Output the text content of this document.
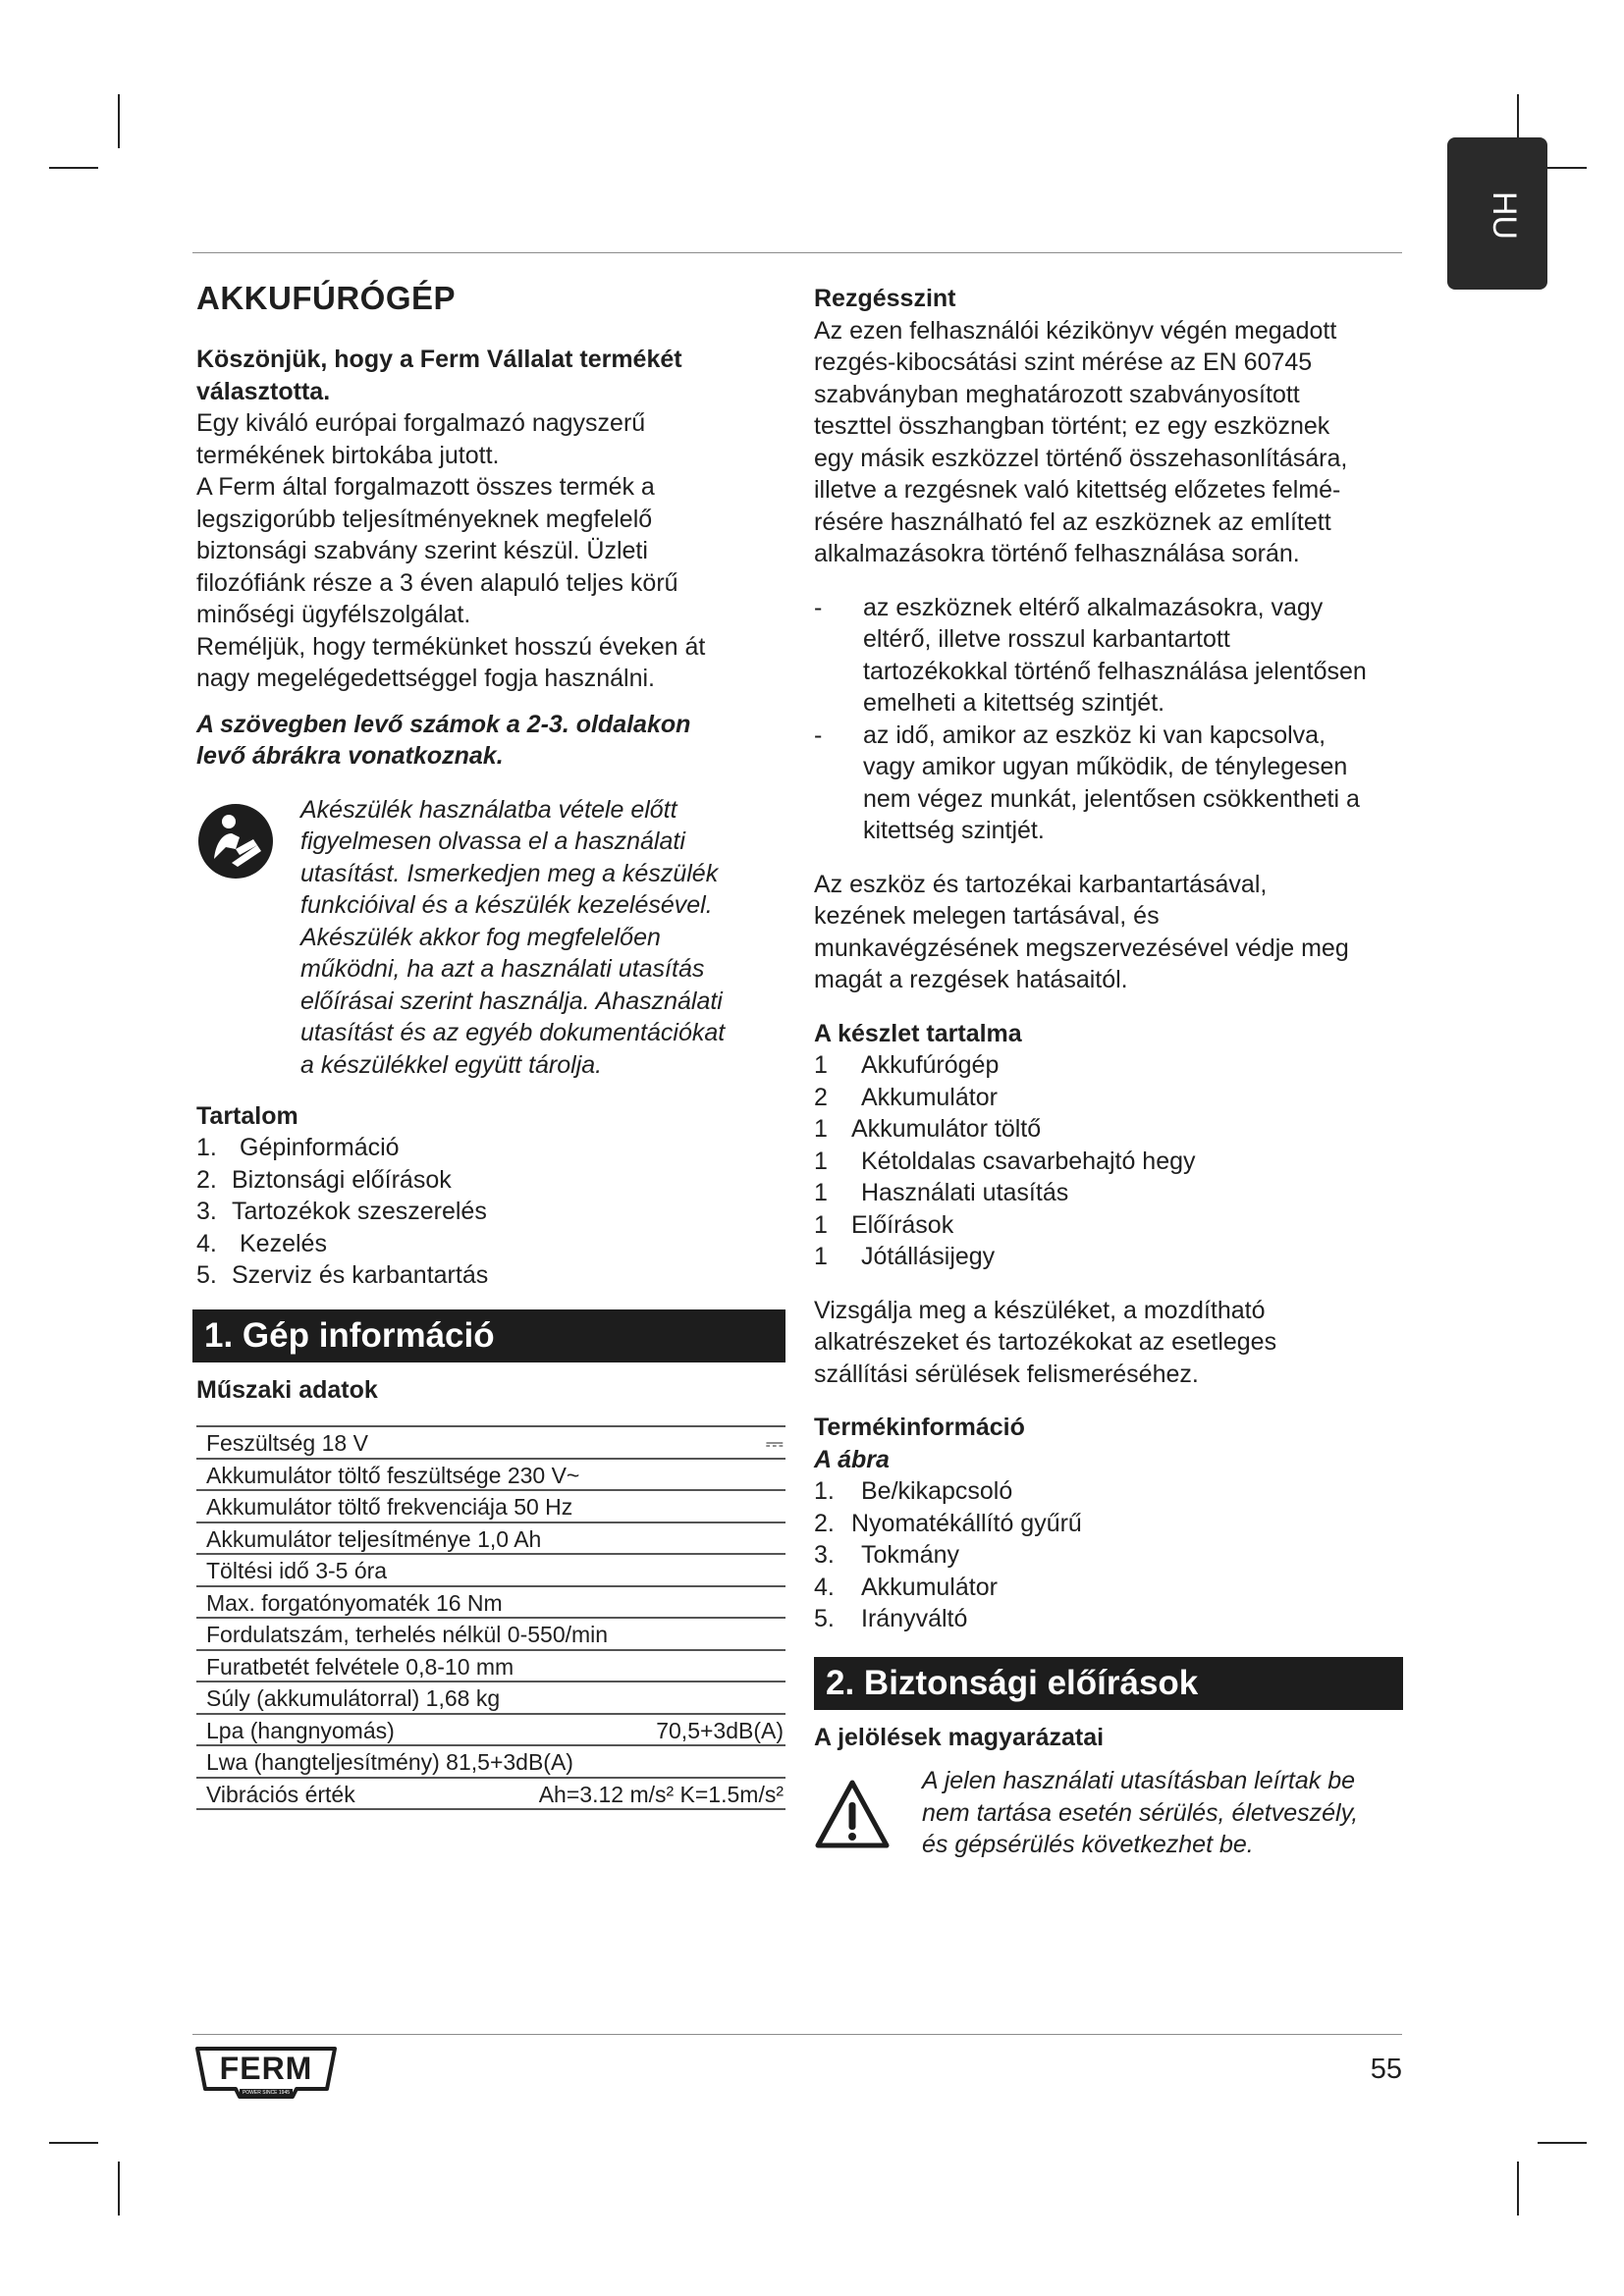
HU
AKKUFÚRÓGÉP

Köszönjük, hogy a Ferm Vállalat termékét

választotta.

Egy kiváló európai forgalmazó nagyszerű

termékének birtokába jutott.

A Ferm által forgalmazott összes termék a

legszigorúbb teljesítményeknek megfelelő

biztonsági szabvány szerint készül. Üzleti

filozófiánk része a 3 éven alapuló teljes körű

minőségi ügyfélszolgálat.

Reméljük, hogy termékünket hosszú éveken át

nagy megelégedettséggel fogja használni.

A szövegben levő számok a 2-3. oldalakon

levő ábrákra vonatkoznak.

Akészülék használatba vétele előtt

figyelmesen olvassa el a használati

utasítást. Ismerkedjen meg a készülék

funkcióival és a készülék kezelésével.

Akészülék akkor fog megfelelően

működni, ha azt a használati utasítás

előírásai szerint használja. Ahasználati

utasítást és az egyéb dokumentációkat

a készülékkel együtt tárolja.

Tartalom

1. Gépinformáció
2. Biztonsági előírások
3. Tartozékok szeszerelés
4. Kezelés
5. Szerviz és karbantartás
1. Gép információ

Műszaki adatok

Feszültség 18 V	⎓
Akkumulátor töltő feszültsége 230 V~
Akkumulátor töltő frekvenciája 50 Hz
Akkumulátor teljesítménye 1,0 Ah
Töltési idő 3-5 óra
Max. forgatónyomaték 16 Nm
Fordulatszám, terhelés nélkül 0-550/min
Furatbetét felvétele 0,8-10 mm
Súly (akkumulátorral) 1,68 kg
Lpa (hangnyomás)	70,5+3dB(A)
Lwa (hangteljesítmény) 81,5+3dB(A)
Vibrációs érték	Ah=3.12 m/s² K=1.5m/s²

Rezgésszint

Az ezen felhasználói kézikönyv végén megadott

rezgés-kibocsátási szint mérése az EN 60745

szabványban meghatározott szabványosított

teszttel összhangban történt; ez egy eszköznek

egy másik eszközzel történő összehasonlítására,

illetve a rezgésnek való kitettség előzetes felmé-

résére használható fel az eszköznek az említett

alkalmazásokra történő felhasználása során.

-	az eszköznek eltérő alkalmazásokra, vagy

eltérő, illetve rosszul karbantartott

tartozékokkal történő felhasználása jelentősen

emelheti a kitettség szintjét.

-	az idő, amikor az eszköz ki van kapcsolva,

vagy amikor ugyan működik, de ténylegesen

nem végez munkát, jelentősen csökkentheti a

kitettség szintjét.

Az eszköz és tartozékai karbantartásával,

kezének melegen tartásával, és

munkavégzésének megszervezésével védje meg

magát a rezgések hatásaitól.

A készlet tartalma

1	Akkufúrógép
2	Akkumulátor
1 Akkumulátor töltő
1	Kétoldalas csavarbehajtó hegy
1	Használati utasítás
1 Előírások
1	Jótállásijegy

Vizsgálja meg a készüléket, a mozdítható

alkatrészeket és tartozékokat az esetleges

szállítási sérülések felismeréséhez.

Termékinformáció

A ábra

1.	Be/kikapcsoló
2. Nyomatékállító gyűrű
3.	Tokmány
4.	Akkumulátor
5.	Irányváltó
2. Biztonsági előírások

A jelölések magyarázatai

A jelen használati utasításban leírtak be

nem tartása esetén sérülés, életveszély,

és gépsérülés következhet be.

FERM
POWER SINCE 1945
55
